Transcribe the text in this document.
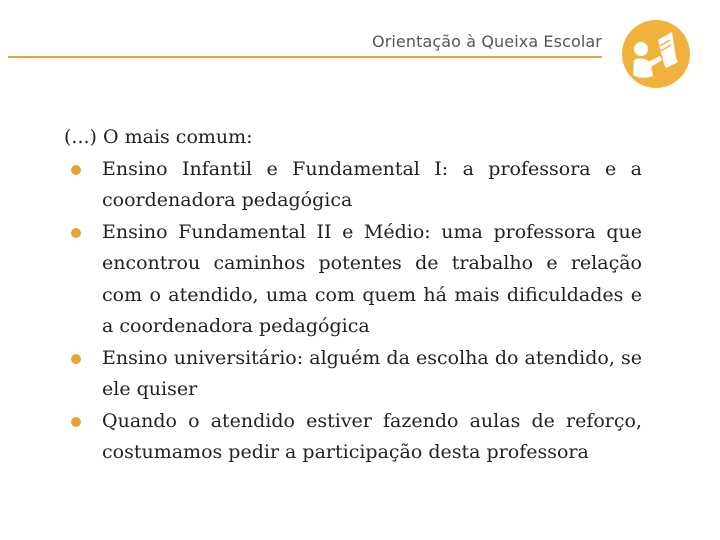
Orientação à Queixa Escolar

(...) O mais comum:

Ensino Infantil e Fundamental I: a professora e a coordenadora pedagógica
Ensino Fundamental II e Médio: uma professora que encontrou caminhos potentes de trabalho e relação com o atendido, uma com quem há mais dificuldades e a coordenadora pedagógica
Ensino universitário: alguém da escolha do atendido, se ele quiser
Quando o atendido estiver fazendo aulas de reforço, costumamos pedir a participação desta professora
